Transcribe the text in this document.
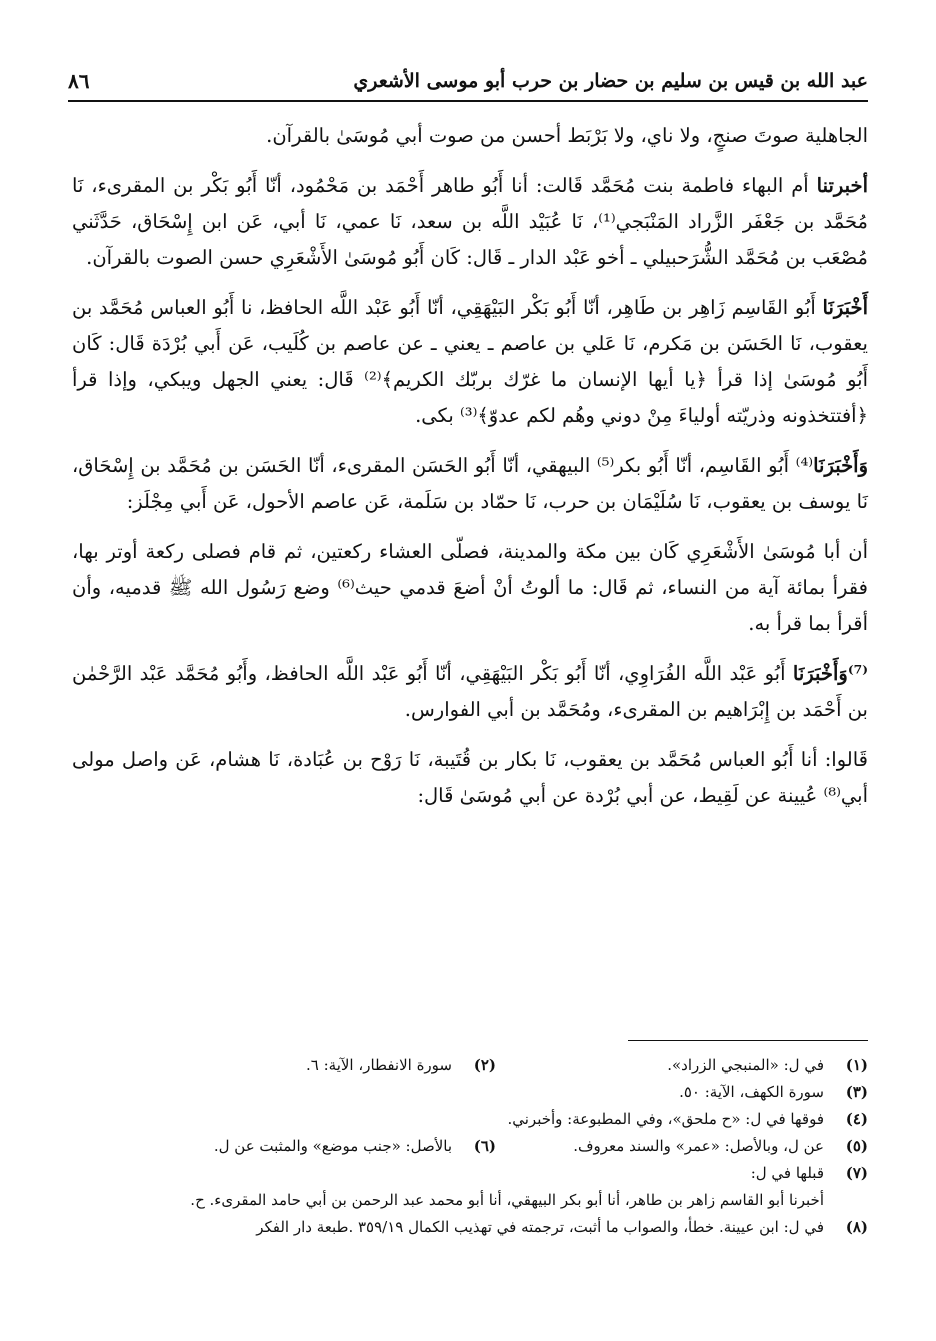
عبد الله بن قيس بن سليم بن حضار بن حرب أبو موسى الأشعري
٨٦

الجاهلية صوتَ صنجٍ، ولا ناي، ولا بَرْبَط أحسن من صوت أبي مُوسَىٰ بالقرآن.

أخبرتنا أم البهاء فاطمة بنت مُحَمَّد قَالت: أنا أَبُو طاهر أَحْمَد بن مَحْمُود، أنّا أَبُو بَكْر بن المقرىء، نَا مُحَمَّد بن جَعْفَر الزَّراد المَنْبَجي⁽¹⁾، نَا عُبَيْد اللَّه بن سعد، نَا عمي، نَا أبي، عَن ابن إِسْحَاق، حَدَّثَني مُصْعَب بن مُحَمَّد الشُّرَحبيلي ـ أخو عَبْد الدار ـ قَال: كَان أَبُو مُوسَىٰ الأَشْعَرِي حسن الصوت بالقرآن.

أَخْبَرَنَا أَبُو القَاسِم زَاهِر بن طَاهِر، أنّا أَبُو بَكْر البَيْهَقِي، أنّا أَبُو عَبْد اللَّه الحافظ، نا أَبُو العباس مُحَمَّد بن يعقوب، نَا الحَسَن بن مَكرم، نَا عَلي بن عاصم ـ يعني ـ عن عاصم بن كُلَيب، عَن أَبي بُرْدَة قَال: كَان أَبُو مُوسَىٰ إذا قرأ ﴿يا أيها الإنسان ما غرّك بربّك الكريم﴾⁽²⁾ قَال: يعني الجهل ويبكي، وإذا قرأ ﴿أفتتخذونه وذريّته أولياءَ مِنْ دوني وهُم لكم عدوّ﴾⁽³⁾ بكى.

وَأَخْبَرَنَا⁽⁴⁾ أَبُو القَاسِم، أنّا أَبُو بكر⁽⁵⁾ البيهقي، أنّا أَبُو الحَسَن المقرىء، أنّا الحَسَن بن مُحَمَّد بن إِسْحَاق، نَا يوسف بن يعقوب، نَا سُلَيْمَان بن حرب، نَا حمّاد بن سَلَمة، عَن عاصم الأحول، عَن أَبي مِجْلَز:

أن أبا مُوسَىٰ الأَشْعَرِي كَان بين مكة والمدينة، فصلّى العشاء ركعتين، ثم قام فصلى ركعة أوتر بها، فقرأ بمائة آية من النساء، ثم قَال: ما ألوتُ أنْ أضعَ قدمي حيث⁽⁶⁾ وضع رَسُول الله ﷺ قدميه، وأن أقرأ بما قرأ به.

⁽⁷⁾وَأَخْبَرَنَا أَبُو عَبْد اللَّه الفُرَاوِي، أنّا أَبُو بَكْر البَيْهَقِي، أنّا أَبُو عَبْد اللَّه الحافظ، وأَبُو مُحَمَّد عَبْد الرَّحْمٰن بن أَحْمَد بن إِبْرَاهيم بن المقرىء، ومُحَمَّد بن أبي الفوارس.

قَالوا: أنا أَبُو العباس مُحَمَّد بن يعقوب، نَا بكار بن قُتَيبة، نَا رَوْح بن عُبَادة، نَا هشام، عَن واصل مولى أبي⁽⁸⁾ عُيينة عن لَقِيط، عن أبي بُرْدة عن أبي مُوسَىٰ قَال:

(١)
في ل: «المنبجي الزراد».
(٢)
سورة الانفطار، الآية: ٦.
(٣)
سورة الكهف، الآية: ٥٠.
(٤)
فوقها في ل: «ح ملحق»، وفي المطبوعة: وأخبرني.
(٥)
عن ل، وبالأصل: «عمر» والسند معروف.
(٦)
بالأصل: «جنب موضع» والمثبت عن ل.
(٧)
قبلها في ل:
أخبرنا أبو القاسم زاهر بن طاهر، أنا أبو بكر البيهقي، أنا أبو محمد عبد الرحمن بن أبي حامد المقرىء. ح.
(٨)
في ل: ابن عيينة. خطأ، والصواب ما أثبت، ترجمته في تهذيب الكمال ٣٥٩/١٩ .طبعة دار الفكر
